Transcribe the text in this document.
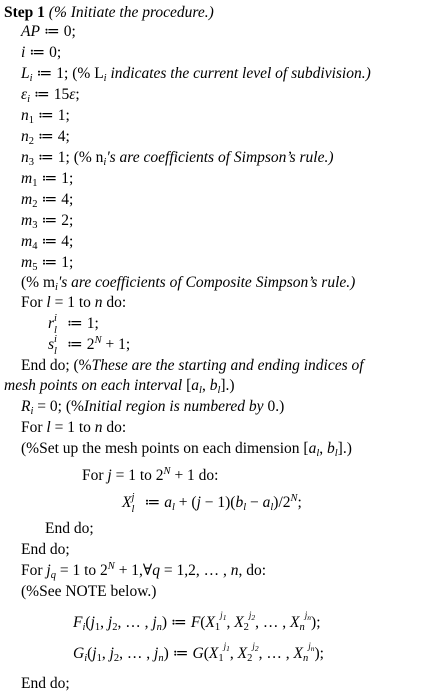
Step 1 (% Initiate the procedure.)
AP ≔ 0;
i ≔ 0;
$L_i$ ≔ 1; (% $L_i$ indicates the current level of subdivision.)
$\varepsilon_i$ ≔ 15ε;
$n_1$ ≔ 1;
$n_2$ ≔ 4;
$n_3$ ≔ 1; (% $n_i's$ are coefficients of Simpson’s rule.)
$m_1$ ≔ 1;
$m_2$ ≔ 4;
$m_3$ ≔ 2;
$m_4$ ≔ 4;
$m_5$ ≔ 1;
(% $m_i's$ are coefficients of Composite Simpson’s rule.)
For l = 1 to n do:
r i
l ≔ 1;
s i
l ≔ $2^N + 1$;
End do; (%These are the starting and ending indices of
mesh points on each interval [$a_l$, $b_l$].)
$R_i = 0$; (%Initial region is numbered by 0.)
For l = 1 to n do:
(%Set up the mesh points on each dimension [$a_l$, $b_l$].)
For j = 1 to $2^N + 1$ do:
X j
l ≔ $a_l + (j - 1)(b_l - a_l)/2^N$;
End do;
End do;
For $j_q = 1$ to $2^N$ + 1,∀q = 1,2, … , n, do:
(%See NOTE below.)
$F_i(j_1$, $j_2$, … , $j_n$) ≔ $F(X_1^{j_1}$, $X_2^{j_2}$, … , $X_n^{j_n}$);
$G_i(j_1$, $j_2$, … , $j_n$) ≔ $G(X_1^{j_1}$, $X_2^{j_2}$, … , $X_n^{j_n}$);
End do;
